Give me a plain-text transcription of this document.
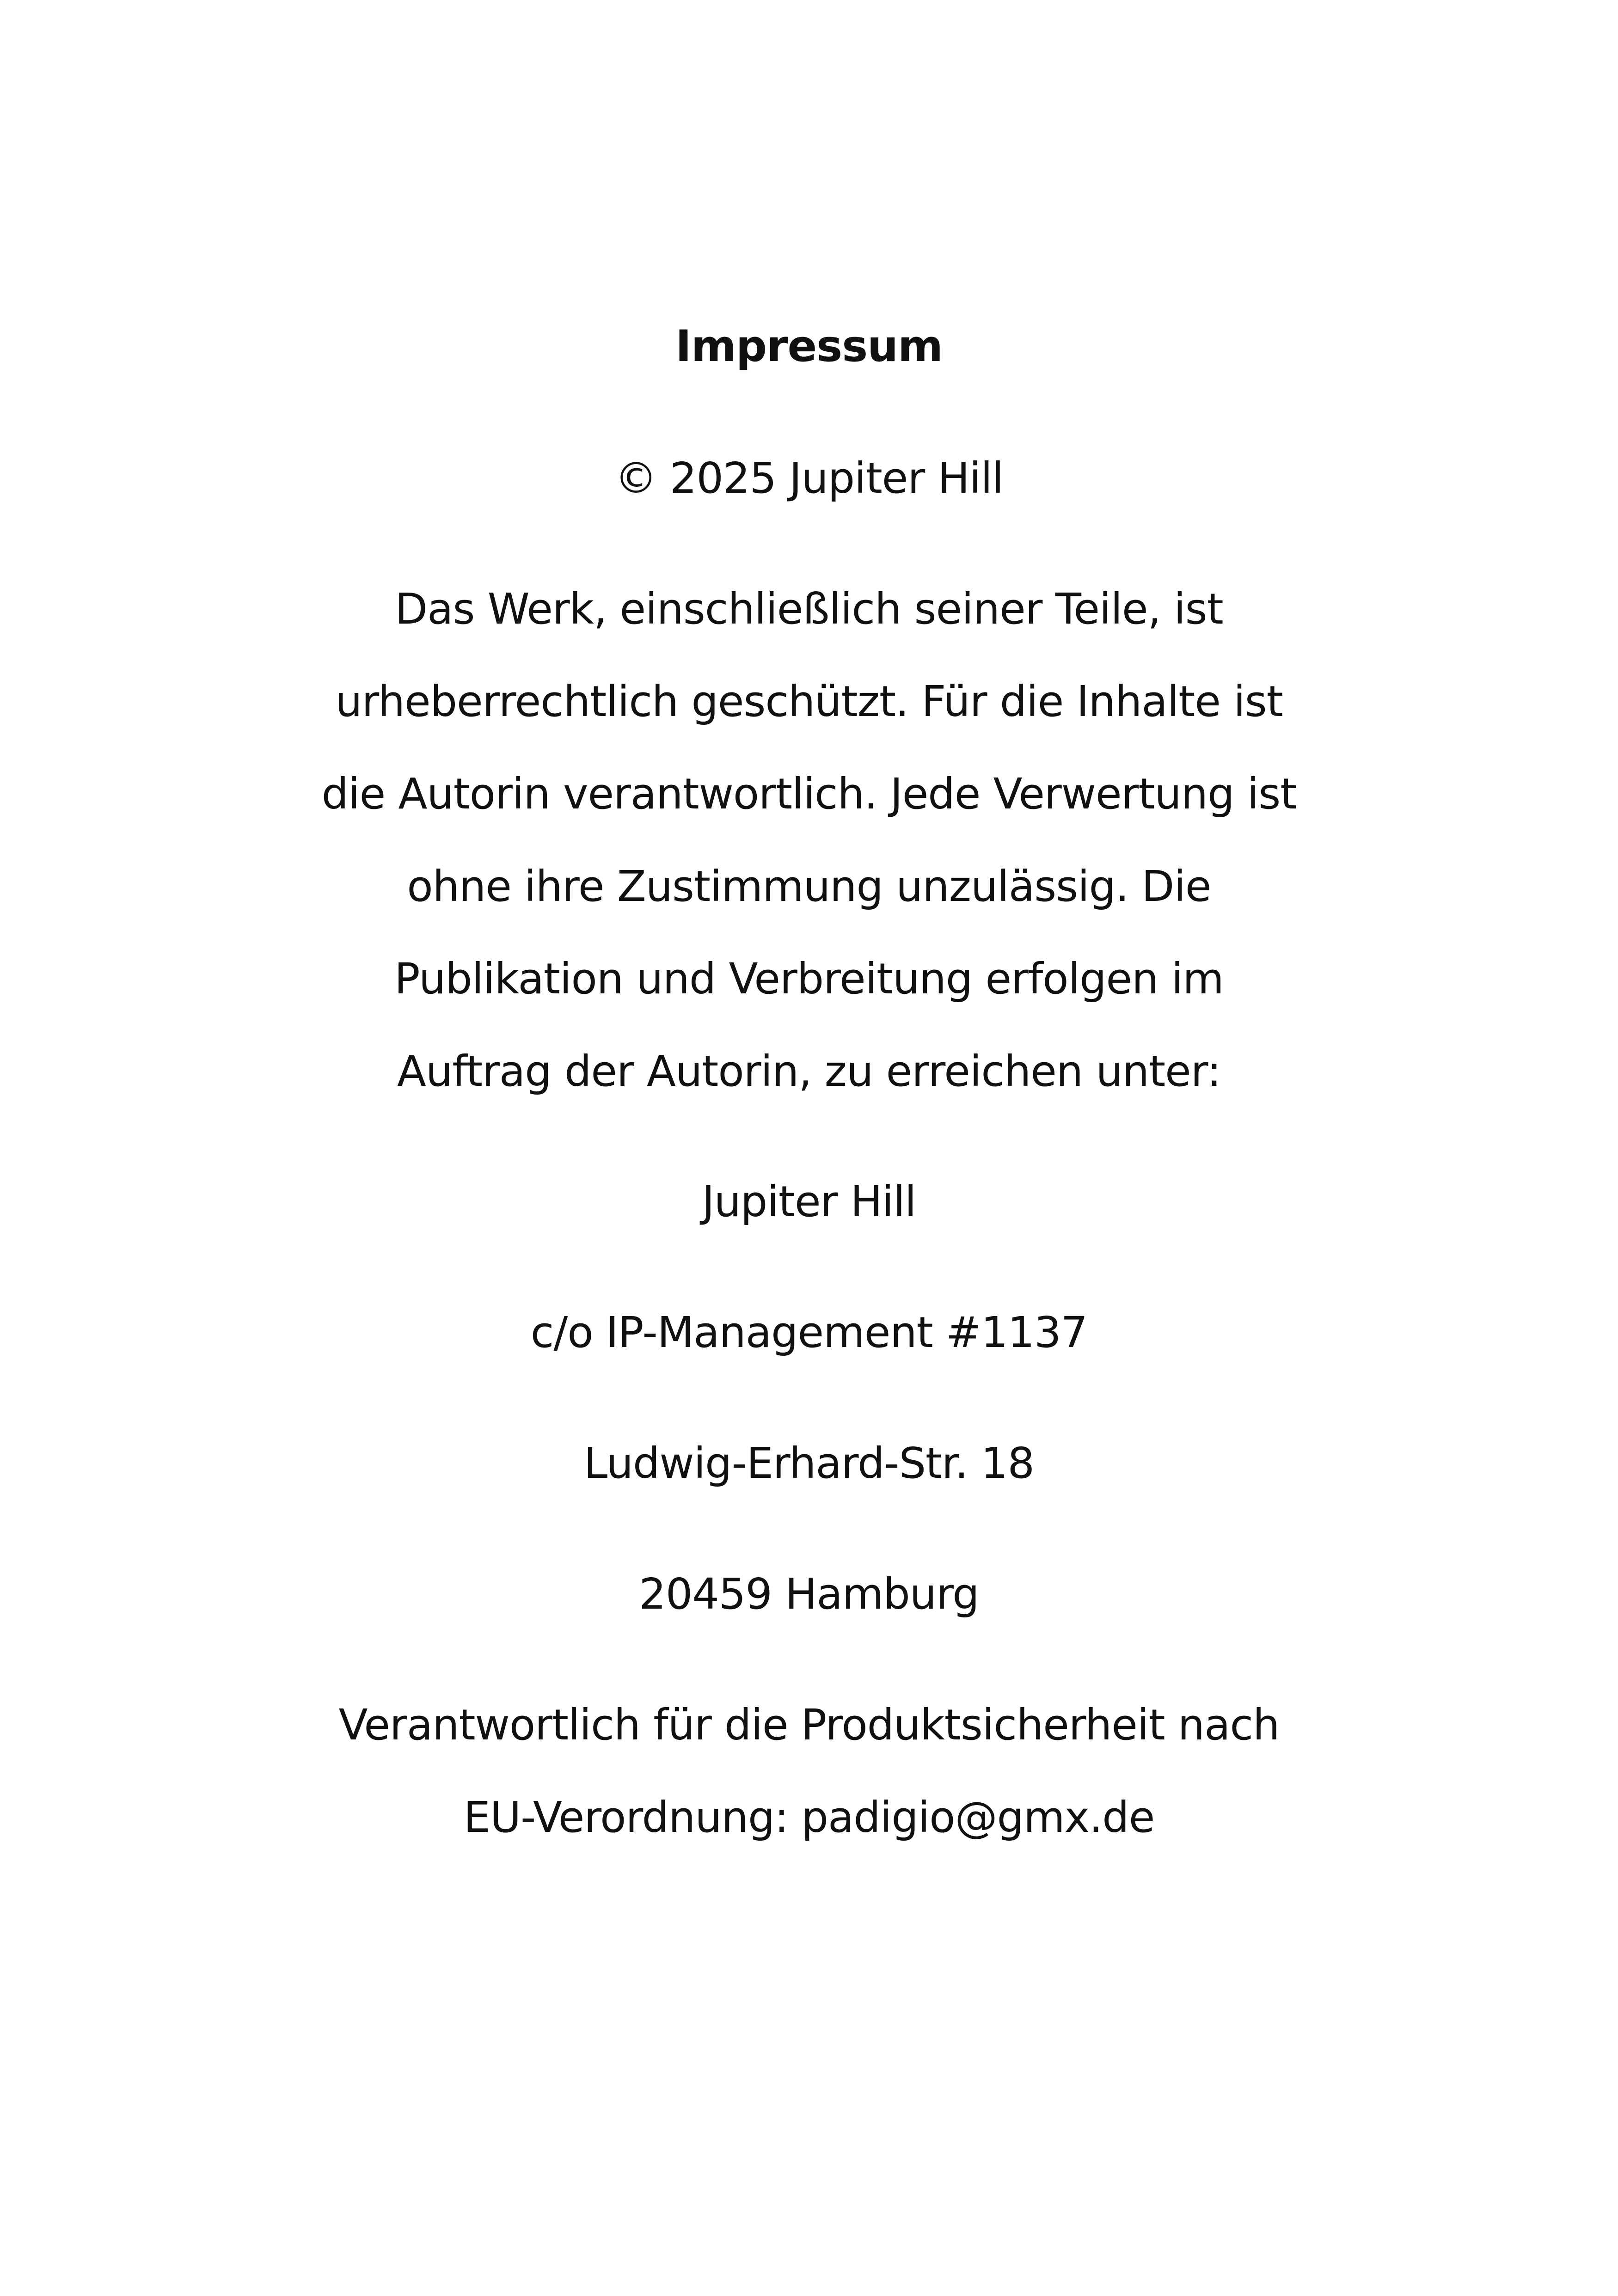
Impressum
© 2025 Jupiter Hill
Das Werk, einschließlich seiner Teile, ist
urheberrechtlich geschützt. Für die Inhalte ist
die Autorin verantwortlich. Jede Verwertung ist
ohne ihre Zustimmung unzulässig. Die
Publikation und Verbreitung erfolgen im
Auftrag der Autorin, zu erreichen unter:
Jupiter Hill
c/o IP-Management #1137
Ludwig-Erhard-Str. 18
20459 Hamburg
Verantwortlich für die Produktsicherheit nach
EU-Verordnung: padigio@gmx.de
